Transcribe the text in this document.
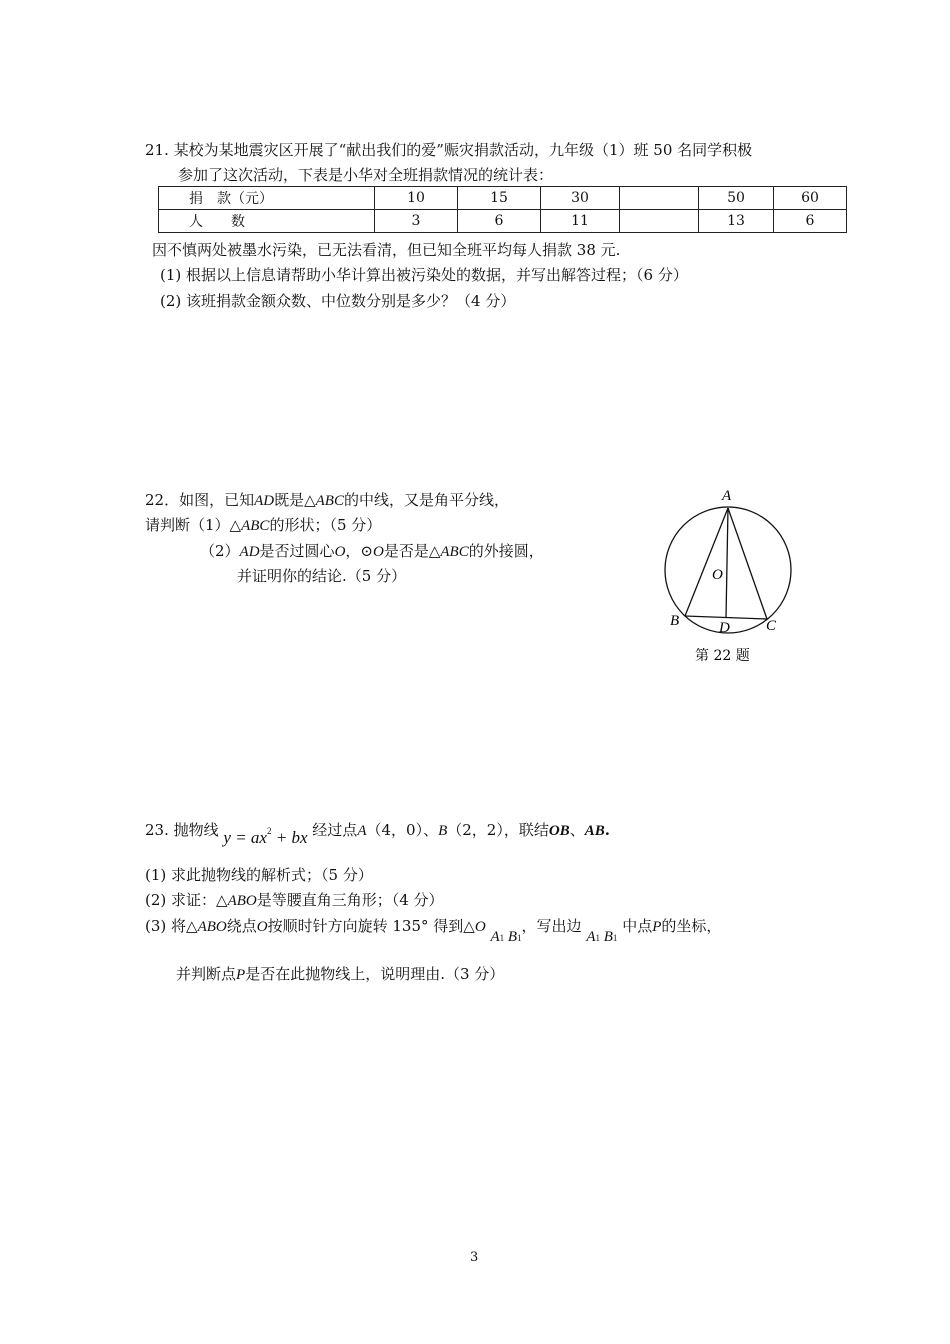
21. 某校为某地震灾区开展了“献出我们的爱”赈灾捐款活动，九年级（1）班 50 名同学积极
参加了这次活动，下表是小华对全班捐款情况的统计表：
捐　款（元）	10	15	30		50	60
人　　数	3	6	11		13	6
因不慎两处被墨水污染，已无法看清，但已知全班平均每人捐款 38 元.
(1) 根据以上信息请帮助小华计算出被污染处的数据，并写出解答过程；（6 分）
(2) 该班捐款金额众数、中位数分别是多少？（4 分）
22．如图，已知AD既是△ABC的中线，又是角平分线，
请判断（1）△ABC的形状；（5 分）
（2）AD是否过圆心O，⊙O是否是△ABC的外接圆，
并证明你的结论.（5 分）
A
O
B	D C
第 22 题
23. 抛物线 $y = ax^2$ + bx 经过点A（4，0）、B（2，2），联结OB、AB.
(1) 求此抛物线的解析式；（5 分）
(2) 求证：△ABO是等腰直角三角形；（4 分）
(3) 将△ABO绕点O按顺时针方向旋转 135° 得到△O A1 B1，写出边 A1 B1 中点P的坐标，
并判断点P是否在此抛物线上，说明理由.（3 分）
3
